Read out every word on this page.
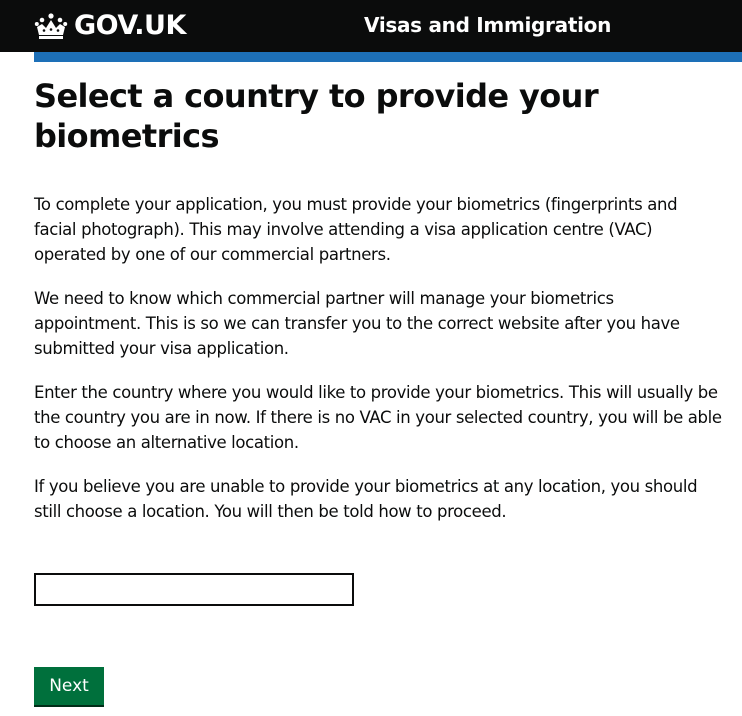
GOV.UK	Visas and Immigration
Select a country to provide your biometrics

To complete your application, you must provide your biometrics (fingerprints and facial photograph). This may involve attending a visa application centre (VAC) operated by one of our commercial partners.

We need to know which commercial partner will manage your biometrics appointment. This is so we can transfer you to the correct website after you have submitted your visa application.

Enter the country where you would like to provide your biometrics. This will usually be the country you are in now. If there is no VAC in your selected country, you will be able to choose an alternative location.

If you believe you are unable to provide your biometrics at any location, you should still choose a location. You will then be told how to proceed.

Next
